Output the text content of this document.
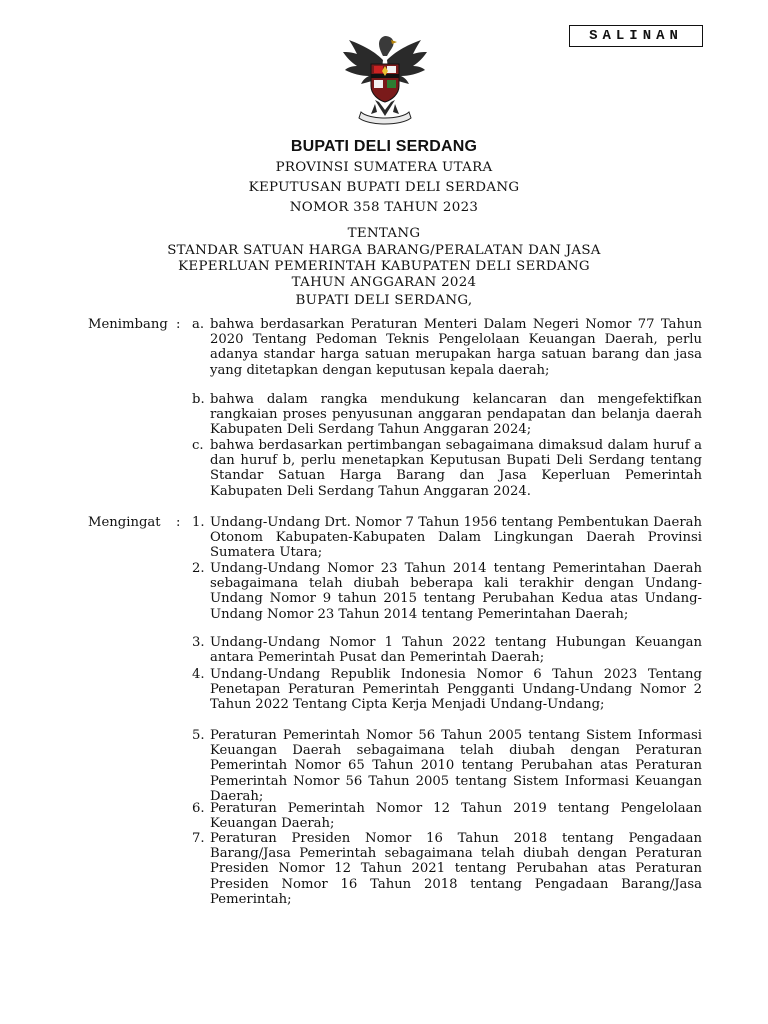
SALINAN
BUPATI DELI SERDANG
PROVINSI SUMATERA UTARA
KEPUTUSAN BUPATI DELI SERDANG
NOMOR 358 TAHUN 2023
TENTANG
STANDAR SATUAN HARGA BARANG/PERALATAN DAN JASA
KEPERLUAN PEMERINTAH KABUPATEN DELI SERDANG
TAHUN ANGGARAN 2024
BUPATI DELI SERDANG,
Menimbang : a. bahwa berdasarkan Peraturan Menteri Dalam Negeri Nomor 77 Tahun 2020 Tentang Pedoman Teknis Pengelolaan Keuangan Daerah, perlu adanya standar harga satuan merupakan harga satuan barang dan jasa yang ditetapkan dengan keputusan kepala daerah;
b. bahwa dalam rangka mendukung kelancaran dan mengefektifkan rangkaian proses penyusunan anggaran pendapatan dan belanja daerah Kabupaten Deli Serdang Tahun Anggaran 2024;
c. bahwa berdasarkan pertimbangan sebagaimana dimaksud dalam huruf a dan huruf b, perlu menetapkan Keputusan Bupati Deli Serdang tentang Standar Satuan Harga Barang dan Jasa Keperluan Pemerintah Kabupaten Deli Serdang Tahun Anggaran 2024.
Mengingat : 1. Undang-Undang Drt. Nomor 7 Tahun 1956 tentang Pembentukan Daerah Otonom Kabupaten-Kabupaten Dalam Lingkungan Daerah Provinsi Sumatera Utara;
2. Undang-Undang Nomor 23 Tahun 2014 tentang Pemerintahan Daerah sebagaimana telah diubah beberapa kali terakhir dengan Undang-Undang Nomor 9 tahun 2015 tentang Perubahan Kedua atas Undang-Undang Nomor 23 Tahun 2014 tentang Pemerintahan Daerah;
3. Undang-Undang Nomor 1 Tahun 2022 tentang Hubungan Keuangan antara Pemerintah Pusat dan Pemerintah Daerah;
4. Undang-Undang Republik Indonesia Nomor 6 Tahun 2023 Tentang Penetapan Peraturan Pemerintah Pengganti Undang-Undang Nomor 2 Tahun 2022 Tentang Cipta Kerja Menjadi Undang-Undang;
5. Peraturan Pemerintah Nomor 56 Tahun 2005 tentang Sistem Informasi Keuangan Daerah sebagaimana telah diubah dengan Peraturan Pemerintah Nomor 65 Tahun 2010 tentang Perubahan atas Peraturan Pemerintah Nomor 56 Tahun 2005 tentang Sistem Informasi Keuangan Daerah;
6. Peraturan Pemerintah Nomor 12 Tahun 2019 tentang Pengelolaan Keuangan Daerah;
7. Peraturan Presiden Nomor 16 Tahun 2018 tentang Pengadaan Barang/Jasa Pemerintah sebagaimana telah diubah dengan Peraturan Presiden Nomor 12 Tahun 2021 tentang Perubahan atas Peraturan Presiden Nomor 16 Tahun 2018 tentang Pengadaan Barang/Jasa Pemerintah;
